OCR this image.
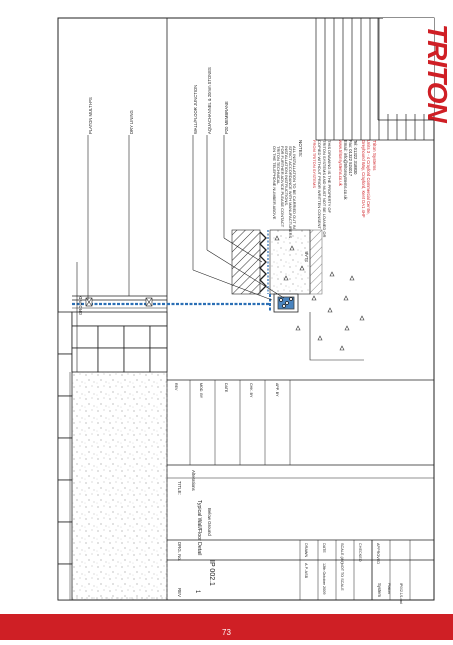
GROUND
PLATON MULTI-PS	DRY LINING	WALL/FLOOR JUNCTION AQUACHANNEL & 20mm STONES	P20 MEMBRANE
SLAB
TRITON
Triton Systems
Units 3 - 4 Crayford Commercial Centre,
Greyhound Way, Crayford, Kent DA1 4HF
Tel: 01322 318830
Fax: 01322 524017
Email: info@tritonsystems.co.uk
www.tritonsystems.co.uk
THIS DRAWING IS THE PROPERTY OF
TRITON SYSTEMS AND MUST NOT BE LOANED OR
COPIED WITHOUT PRIOR WRITTEN CONSENT
FROM TRITON SYSTEMS
NOTES:
ALL INSTALLATION TO BE CARRIED OUT IN
STRICT ACCORDANCE WITH MANUFACTURERS
INSTALLATION INSTRUCTIONS.
FOR FURTHER ADVICE PLEASE CONTACT
TRITON TECHNICAL
ON THE TELEPHONE NUMBER ABOVE
REV	MOD. BY	DATE	CHK. BY	APP. BY
Alterations
TITLE:
Typical Wall/Floor Detail Below Ground
DRG. No.
IP 002.1
REV 1
DRAWN
A.P. ASB
DATE
12th October 2009
SCALE (A4)
NOT TO SCALE
CHECKED	APPROVED
System Platon IP002.1/1.cad
73
